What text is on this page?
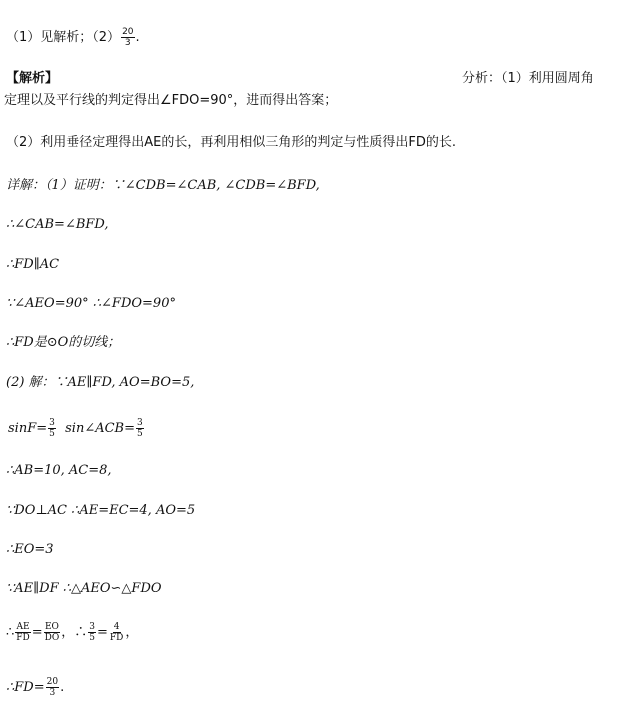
（1）见解析；$(2) \frac{20}{3}$ .
【解析】	分析：（1）利用圆周角
定理以及平行线的判定得出∠FDO=90°，进而得出答案；
（2）利用垂径定理得出AE的长，再利用相似三角形的判定与性质得出FD的长.
详解：（1）证明：∵∠CDB=∠CAB, ∠CDB=∠BFD,
∴∠CAB=∠BFD,
∴FD∥AC
∵∠AEO=90° ∴∠FDO=90°
∴FD是⊙O的切线；
(2) 解：∵AE∥FD, AO=BO=5,
$\sin F= \frac{3}{5}$ sin∠ACB= $\frac{3}{5}$
∴AB=10, AC=8,
∵DO⊥AC ∴AE=EC=4, AO=5
∴EO=3
∵AE∥DF ∴△AEO∽△FDO
∴ $\frac{AE}{FD} = \frac{EO}{DO}$ ，∴ $\frac{3}{5} = \frac{4}{FD}$ ，
∴FD= $\frac{20}{3}$ .
